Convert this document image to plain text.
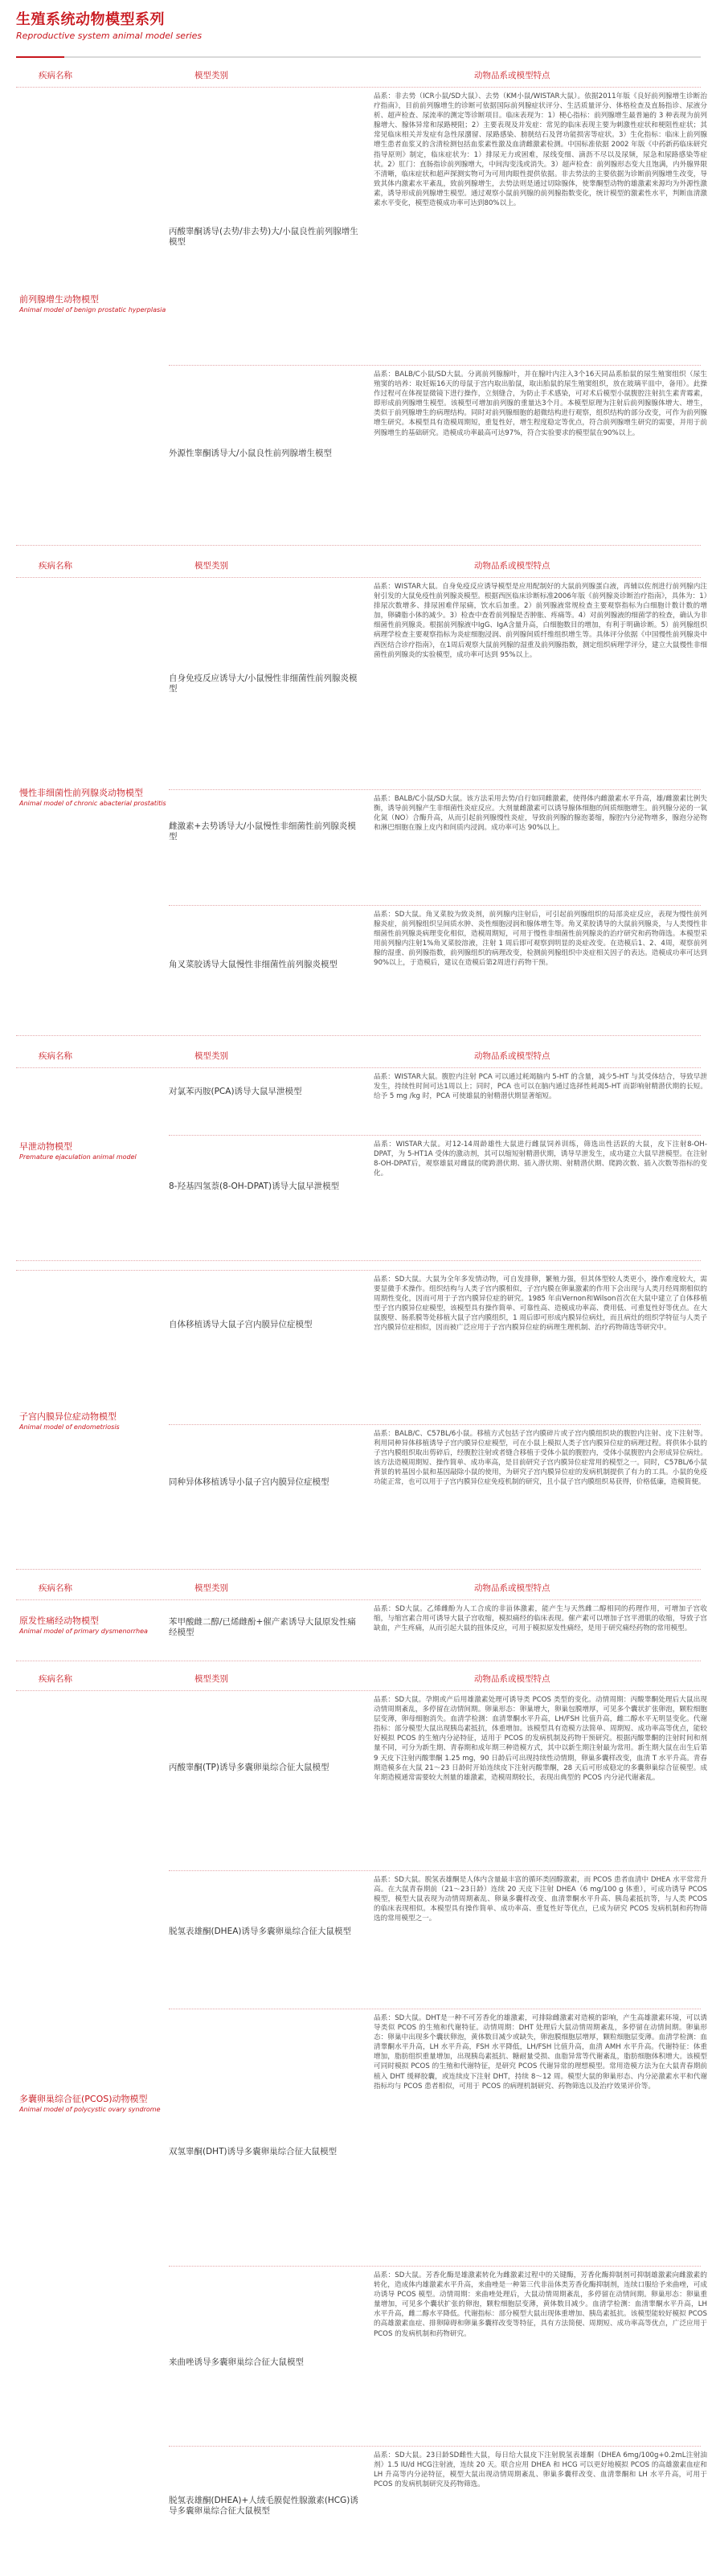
生殖系统动物模型系列
Reproductive system animal model series
疾病名称	模型类别	动物品系或模型特点
前列腺增生动物模型
Animal model of benign prostatic hyperplasia
丙酸睾酮诱导(去势/非去势)大/小鼠良性前列腺增生模型
品系：非去势（ICR小鼠/SD大鼠）、去势（KM小鼠/WISTAR大鼠）。依据2011年版《良好前列腺增生诊断治疗指南》，目前前列腺增生的诊断可依据国际前列腺症状评分、生活质量评分、体格检查及直肠指诊、尿液分析、超声检查、尿流率的测定等诊断项目。临床表现为：1）梗心指标：前列腺增生最普遍的 3 种表现为前列腺增大、腺体异常和尿路梗阻；2）主要表现及并发症：常见的临床表现主要为刺激性症状和梗阻性症状；其常见临床相关并发症有急性尿潴留、尿路感染、膀胱结石及肾功能损害等症状。3）生化指标：临床上前列腺增生患者血浆又的含清检测包括血浆素性激及血清雌激素检测。中国标准依据 2002 年版《中药新药临床研究指导原则》制定，临床症状为：1）排尿无力或困难，尿线变细、滴沥不尽以及尿频，尿急和尿路感染等症状。2）肛门：直肠指诊前列腺增大，中间沟变浅或消失。3）超声检查：前列腺形态变大且饱满，内外腺界限不清晰，临床症状和超声探测实物可为可用肉眼性提供依据。非去势法的主要依据为诊断前列腺增生改变，导致其体内激素水平紊乱，致前列腺增生，去势法则是通过切除腺体，使睾酮型动物的雄激素来源均为外源性激素，诱导形成前列腺增生模型。通过观察小鼠前列腺的前列腺指数变化，统计模型的激素性水平，判断血清激素水平变化，模型造模成功率可达到80%以上。
外源性睾酮诱导大/小鼠良性前列腺增生模型
品系：BALB/C小鼠/SD大鼠。分离前列腺腺叶，并在腺叶内注入3个16天同品系胎鼠的尿生殖窦组织（尿生殖窦的培养：取妊娠16天的母鼠于宫内取出胎鼠，取出胎鼠的尿生殖窦组织，放在玻璃平皿中，备用）。此操作过程可在体视显微镜下进行操作，立刻缝合，为防止手术感染，可对术后模型小鼠腹腔注射抗生素青霉素，即形成前列腺增生模型。该模型可增加前列腺的重量达3个月。本模型原理为注射后前列腺腺体增大、增生，类似于前列腺增生的病理结构。同时对前列腺细胞的超微结构进行观察，组织结构的部分改变，可作为前列腺增生研究。本模型具有造模周期短，重复性好，增生程度稳定等优点，符合前列腺增生研究的需要，并用于前列腺增生的基础研究。造模成功率最高可达97%，符合实验要求的模型鼠在90%以上。
疾病名称	模型类别	动物品系或模型特点
慢性非细菌性前列腺炎动物模型
Animal model of chronic abacterial prostatitis
自身免疫反应诱导大/小鼠慢性非细菌性前列腺炎模型
品系：WISTAR大鼠。自身免疫反应诱导模型是应用配制好的大鼠前列腺蛋白液，再辅以佐剂进行前列腺内注射引发的大鼠免疫性前列腺炎模型。根据西医临床诊断标准2006年版《前列腺炎诊断治疗指南》，具体为：1）排尿次数增多、排尿困难伴尿痛，饮水后加重。2）前列腺液常规检查主要观察指标为白细胞计数计数的增加，卵磷脂小体的减少。3）检查中查看前列腺是否肿胀、疼痛等。4）对前列腺液的细菌学的检查，确认为非细菌性前列腺炎。根据前列腺液中IgG、IgA含量升高，白细胞数目的增加，有利于明确诊断。5）前列腺组织病理学检查主要观察指标为炎症细胞浸润、前列腺间质纤维组织增生等。具体评分依据《中国慢性前列腺炎中西医结合诊疗指南》，在1周后观察大鼠前列腺的湿重及前列腺指数，测定组织病理学评分，建立大鼠慢性非细菌性前列腺炎的实验模型，成功率可达到 95%以上。
雌激素+去势诱导大/小鼠慢性非细菌性前列腺炎模型
品系：BALB/C小鼠/SD大鼠。该方法采用去势/自行如同雌激素，使得体内雌激素水平升高，雄/雌激素比例失衡，诱导前列腺产生非细菌性炎症反应。大剂量雌激素可以诱导腺体细胞的间质细胞增生。前列腺分泌的一氧化氮（NO）合酶升高，从而引起前列腺慢性炎症，导致前列腺的腺泡萎缩，腺腔内分泌物增多，腺泡分泌物和淋巴细胞在腺上皮内和间质内浸润。成功率可达 90%以上。
角叉菜胶诱导大鼠慢性非细菌性前列腺炎模型
品系：SD大鼠。角叉菜胶为致炎剂，前列腺内注射后，可引起前列腺组织的局部炎症反应，表现为慢性前列腺炎症，前列腺组织呈间质水肿、炎性细胞浸润和腺体增生等。角叉菜胶诱导的大鼠前列腺炎，与人类慢性非细菌性前列腺炎病理变化相似，造模周期短，可用于慢性非细菌性前列腺炎的治疗研究和药物筛选。本模型采用前列腺内注射1%角叉菜胶溶液，注射 1 周后即可观察到明显的炎症改变。在造模后1、2、4周，观察前列腺的湿重、前列腺指数，前列腺组织的病理改变，检测前列腺组织中炎症相关因子的表达。造模成功率可达到90%以上，于造模后，建议在造模后第2周进行药物干预。
疾病名称	模型类别	动物品系或模型特点
早泄动物模型
Premature ejaculation animal model
对氯苯丙胺(PCA)诱导大鼠早泄模型
品系：WISTAR大鼠。腹腔内注射 PCA 可以通过耗竭脑内 5-HT 的含量，减少5-HT 与其受体结合，导致早泄发生，持续性时间可达1周以上；同时，PCA 也可以在脑内通过选择性耗竭5-HT 而影响射精潜伏期的长短。给予 5 mg /kg 时，PCA 可使雄鼠的射精潜伏期显著缩短。
8-羟基四氢萘(8-OH-DPAT)诱导大鼠早泄模型
品系：WISTAR大鼠。对12-14周龄雄性大鼠进行雌鼠饲养训练，筛选出性活跃的大鼠，皮下注射8-OH-DPAT，为 5-HT1A 受体的激动剂，其可以缩短射精潜伏期，诱导早泄发生，成功建立大鼠早泄模型。在注射8-OH-DPAT后，观察雄鼠对雌鼠的爬跨潜伏期、插入潜伏期、射精潜伏期、爬跨次数、插入次数等指标的变化。
子宫内膜异位症动物模型
Animal model of endometriosis
自体移植诱导大鼠子宫内膜异位症模型
品系：SD大鼠。大鼠为全年多发情动物，可自发排卵，繁殖力强，但其体型较人类更小，操作难度较大，需要显微手术操作。组织结构与人类子宫内膜相似，子宫内膜在卵巢激素的作用下会出现与人类月经周期相似的周期性变化，因而可用于子宫内膜异位症的研究。1985 年由Vernon和Wilson首次在大鼠中建立了自体移植型子宫内膜异位症模型，该模型具有操作简单、可靠性高、造模成功率高、费用低、可重复性好等优点。在大鼠腹壁、肠系膜等处移植大鼠子宫内膜组织，1 周后即可形成内膜异位病灶，而且病灶的组织学特征与人类子宫内膜异位症相似，因而被广泛应用于子宫内膜异位症的病理生理机制、治疗药物筛选等研究中。
同种异体移植诱导小鼠子宫内膜异位症模型
品系：BALB/C、C57BL/6小鼠。移植方式包括子宫内膜碎片或子宫内膜组织块的腹腔内注射、皮下注射等。利用同种异体移植诱导子宫内膜异位症模型，可在小鼠上模拟人类子宫内膜异位症的病理过程。将供体小鼠的子宫内膜组织取出剪碎后，经腹腔注射或者缝合移植于受体小鼠的腹腔内，受体小鼠腹腔内会形成异位病灶。该方法造模周期短、操作简单、成功率高，是目前研究子宫内膜异位症常用的模型之一。同时，C57BL/6小鼠背景的转基因小鼠和基因敲除小鼠的使用，为研究子宫内膜异位症的发病机制提供了有力的工具。小鼠的免疫功能正常，也可以用于子宫内膜异位症免疫机制的研究，且小鼠子宫内膜组织易获得，价格低廉，造模简便。
疾病名称	模型类别	动物品系或模型特点
原发性痛经动物模型
Animal model of primary dysmenorrhea
苯甲酸雌二醇/已烯雌酚+催产素诱导大鼠原发性痛经模型
品系：SD大鼠。乙烯雌酚为人工合成的非甾体激素，能产生与天然雌二醇相同的药理作用，可增加子宫收缩，与缩宫素合用可诱导大鼠子宫收缩，模拟痛经的临床表现。催产素可以增加子宫平滑肌的收缩，导致子宫缺血，产生疼痛，从而引起大鼠的扭体反应，可用于模拟原发性痛经，是用于研究痛经药物的常用模型。
疾病名称	模型类别	动物品系或模型特点
多囊卵巢综合征(PCOS)动物模型
Animal model of polycystic ovary syndrome
丙酸睾酮(TP)诱导多囊卵巢综合征大鼠模型
品系：SD大鼠。孕期或产后用雄激素处理可诱导类 PCOS 类型的变化。动情周期：丙酸睾酮处理后大鼠出现动情周期紊乱，多停留在动情间期。卵巢形态：卵巢增大，卵巢包膜增厚，可见多个囊状扩张卵泡，颗粒细胞层变薄，卵母细胞消失。血清学检测：血清睾酮水平升高，LH/FSH 比值升高，雌二醇水平无明显变化。代谢指标：部分模型大鼠出现胰岛素抵抗，体重增加。该模型具有造模方法简单、周期短、成功率高等优点，能较好模拟 PCOS 的生殖内分泌特征，适用于 PCOS 的发病机制及药物干预研究。根据丙酸睾酮的注射时间和剂量不同，可分为新生期、青春期和成年期三种造模方式，其中以新生期注射最为常用。新生期大鼠在出生后第 9 天皮下注射丙酸睾酮 1.25 mg，90 日龄后可出现持续性动情期，卵巢多囊样改变，血清 T 水平升高。青春期造模多在大鼠 21～23 日龄时开始连续皮下注射丙酸睾酮，28 天后可形成稳定的多囊卵巢综合征模型。成年期造模通常需要较大剂量的雄激素，造模周期较长，表现出典型的 PCOS 内分泌代谢紊乱。
脱氢表雄酮(DHEA)诱导多囊卵巢综合征大鼠模型
品系：SD大鼠。脱氢表雄酮是人体内含量最丰富的循环类固醇激素，而 PCOS 患者血清中 DHEA 水平常常升高。在大鼠青春期前（21～23日龄）连续 20 天皮下注射 DHEA（6 mg/100 g 体重），可成功诱导 PCOS 模型，模型大鼠表现为动情周期紊乱、卵巢多囊样改变、血清睾酮水平升高、胰岛素抵抗等，与人类 PCOS 的临床表现相似。本模型具有操作简单、成功率高、重复性好等优点，已成为研究 PCOS 发病机制和药物筛选的常用模型之一。
双氢睾酮(DHT)诱导多囊卵巢综合征大鼠模型
品系：SD大鼠。DHT是一种不可芳香化的雄激素，可排除雌激素对造模的影响，产生高雄激素环境，可以诱导类似 PCOS 的生殖和代谢特征。动情周期：DHT 处理后大鼠动情周期紊乱，多停留在动情间期。卵巢形态：卵巢中出现多个囊状卵泡，黄体数目减少或缺失，卵泡膜细胞层增厚，颗粒细胞层变薄。血清学检测：血清睾酮水平升高，LH 水平升高，FSH 水平降低，LH/FSH 比值升高，血清 AMH 水平升高。代谢特征：体重增加，脂肪组织重量增加，出现胰岛素抵抗、糖耐量受损、血脂异常等代谢紊乱，脂肪细胞体积增大。该模型可同时模拟 PCOS 的生殖和代谢特征，是研究 PCOS 代谢异常的理想模型。常用造模方法为在大鼠青春期前植入 DHT 缓释胶囊，或连续皮下注射 DHT，持续 8～12 周。模型大鼠的卵巢形态、内分泌激素水平和代谢指标均与 PCOS 患者相似，可用于 PCOS 的病理机制研究、药物筛选以及治疗效果评价等。
来曲唑诱导多囊卵巢综合征大鼠模型
品系：SD大鼠。芳香化酶是雄激素转化为雌激素过程中的关键酶，芳香化酶抑制剂可抑制雄激素向雌激素的转化，造成体内雄激素水平升高，来曲唑是一种第三代非甾体类芳香化酶抑制剂，连续口服给予来曲唑，可成功诱导 PCOS 模型。动情周期：来曲唑处理后，大鼠动情周期紊乱，多停留在动情间期。卵巢形态：卵巢重量增加，可见多个囊状扩张的卵泡，颗粒细胞层变薄，黄体数目减少。血清学检测：血清睾酮水平升高，LH 水平升高，雌二醇水平降低。代谢指标：部分模型大鼠出现体重增加、胰岛素抵抗。该模型能较好模拟 PCOS 的高雄激素血症、排卵障碍和卵巢多囊样改变等特征，具有方法简便、周期短、成功率高等优点，广泛应用于 PCOS 的发病机制和药物研究。
脱氢表雄酮(DHEA)+人绒毛膜促性腺激素(HCG)诱导多囊卵巢综合征大鼠模型
品系：SD大鼠。23日龄SD雌性大鼠，每日给大鼠皮下注射脱氢表雄酮（DHEA 6mg/100g+0.2mL注射油剂）1.5 IU/d HCG注射液，连续 20 天。联合应用 DHEA 和 HCG 可以更好地模拟 PCOS 的高雄激素血症和 LH 升高等内分泌特征，模型大鼠出现动情周期紊乱、卵巢多囊样改变、血清睾酮和 LH 水平升高，可用于 PCOS 的发病机制研究及药物筛选。
